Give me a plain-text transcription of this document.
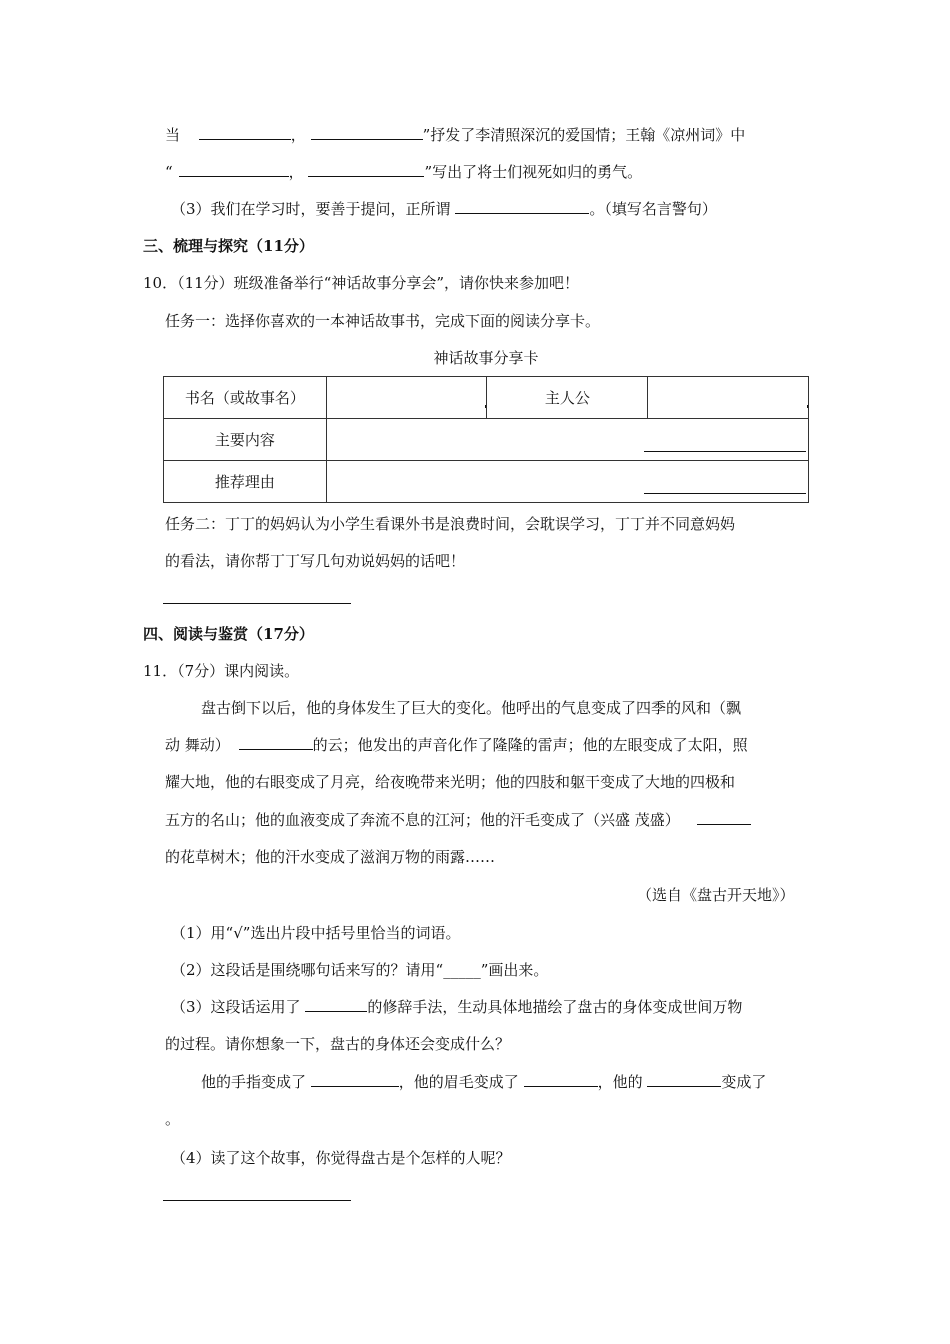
当	，	”抒发了李清照深沉的爱国情；王翰《凉州词》中
“	，	”写出了将士们视死如归的勇气。
（3）我们在学习时，要善于提问，正所谓	。（填写名言警句）
三、梳理与探究（11分）
10．（11分）班级准备举行“神话故事分享会”，请你快来参加吧！
任务一：选择你喜欢的一本神话故事书，完成下面的阅读分享卡。
神话故事分享卡
书名（或故事名）		主人公	

主要内容			

推荐理由			
任务二：丁丁的妈妈认为小学生看课外书是浪费时间，会耽误学习，丁丁并不同意妈妈
的看法，请你帮丁丁写几句劝说妈妈的话吧！
四、阅读与鉴赏（17分）
11．（7分）课内阅读。
盘古倒下以后，他的身体发生了巨大的变化。他呼出的气息变成了四季的风和（飘
动 舞动）	的云；他发出的声音化作了隆隆的雷声；他的左眼变成了太阳，照
耀大地，他的右眼变成了月亮，给夜晚带来光明；他的四肢和躯干变成了大地的四极和
五方的名山；他的血液变成了奔流不息的江河；他的汗毛变成了（兴盛 茂盛）
的花草树木；他的汗水变成了滋润万物的雨露……
（选自《盘古开天地》）
（1）用“√”选出片段中括号里恰当的词语。
（2）这段话是围绕哪句话来写的？请用“_____”画出来。
（3）这段话运用了	的修辞手法，生动具体地描绘了盘古的身体变成世间万物
的过程。请你想象一下，盘古的身体还会变成什么？
他的手指变成了	，他的眉毛变成了	，他的	变成了
。
（4）读了这个故事，你觉得盘古是个怎样的人呢？
